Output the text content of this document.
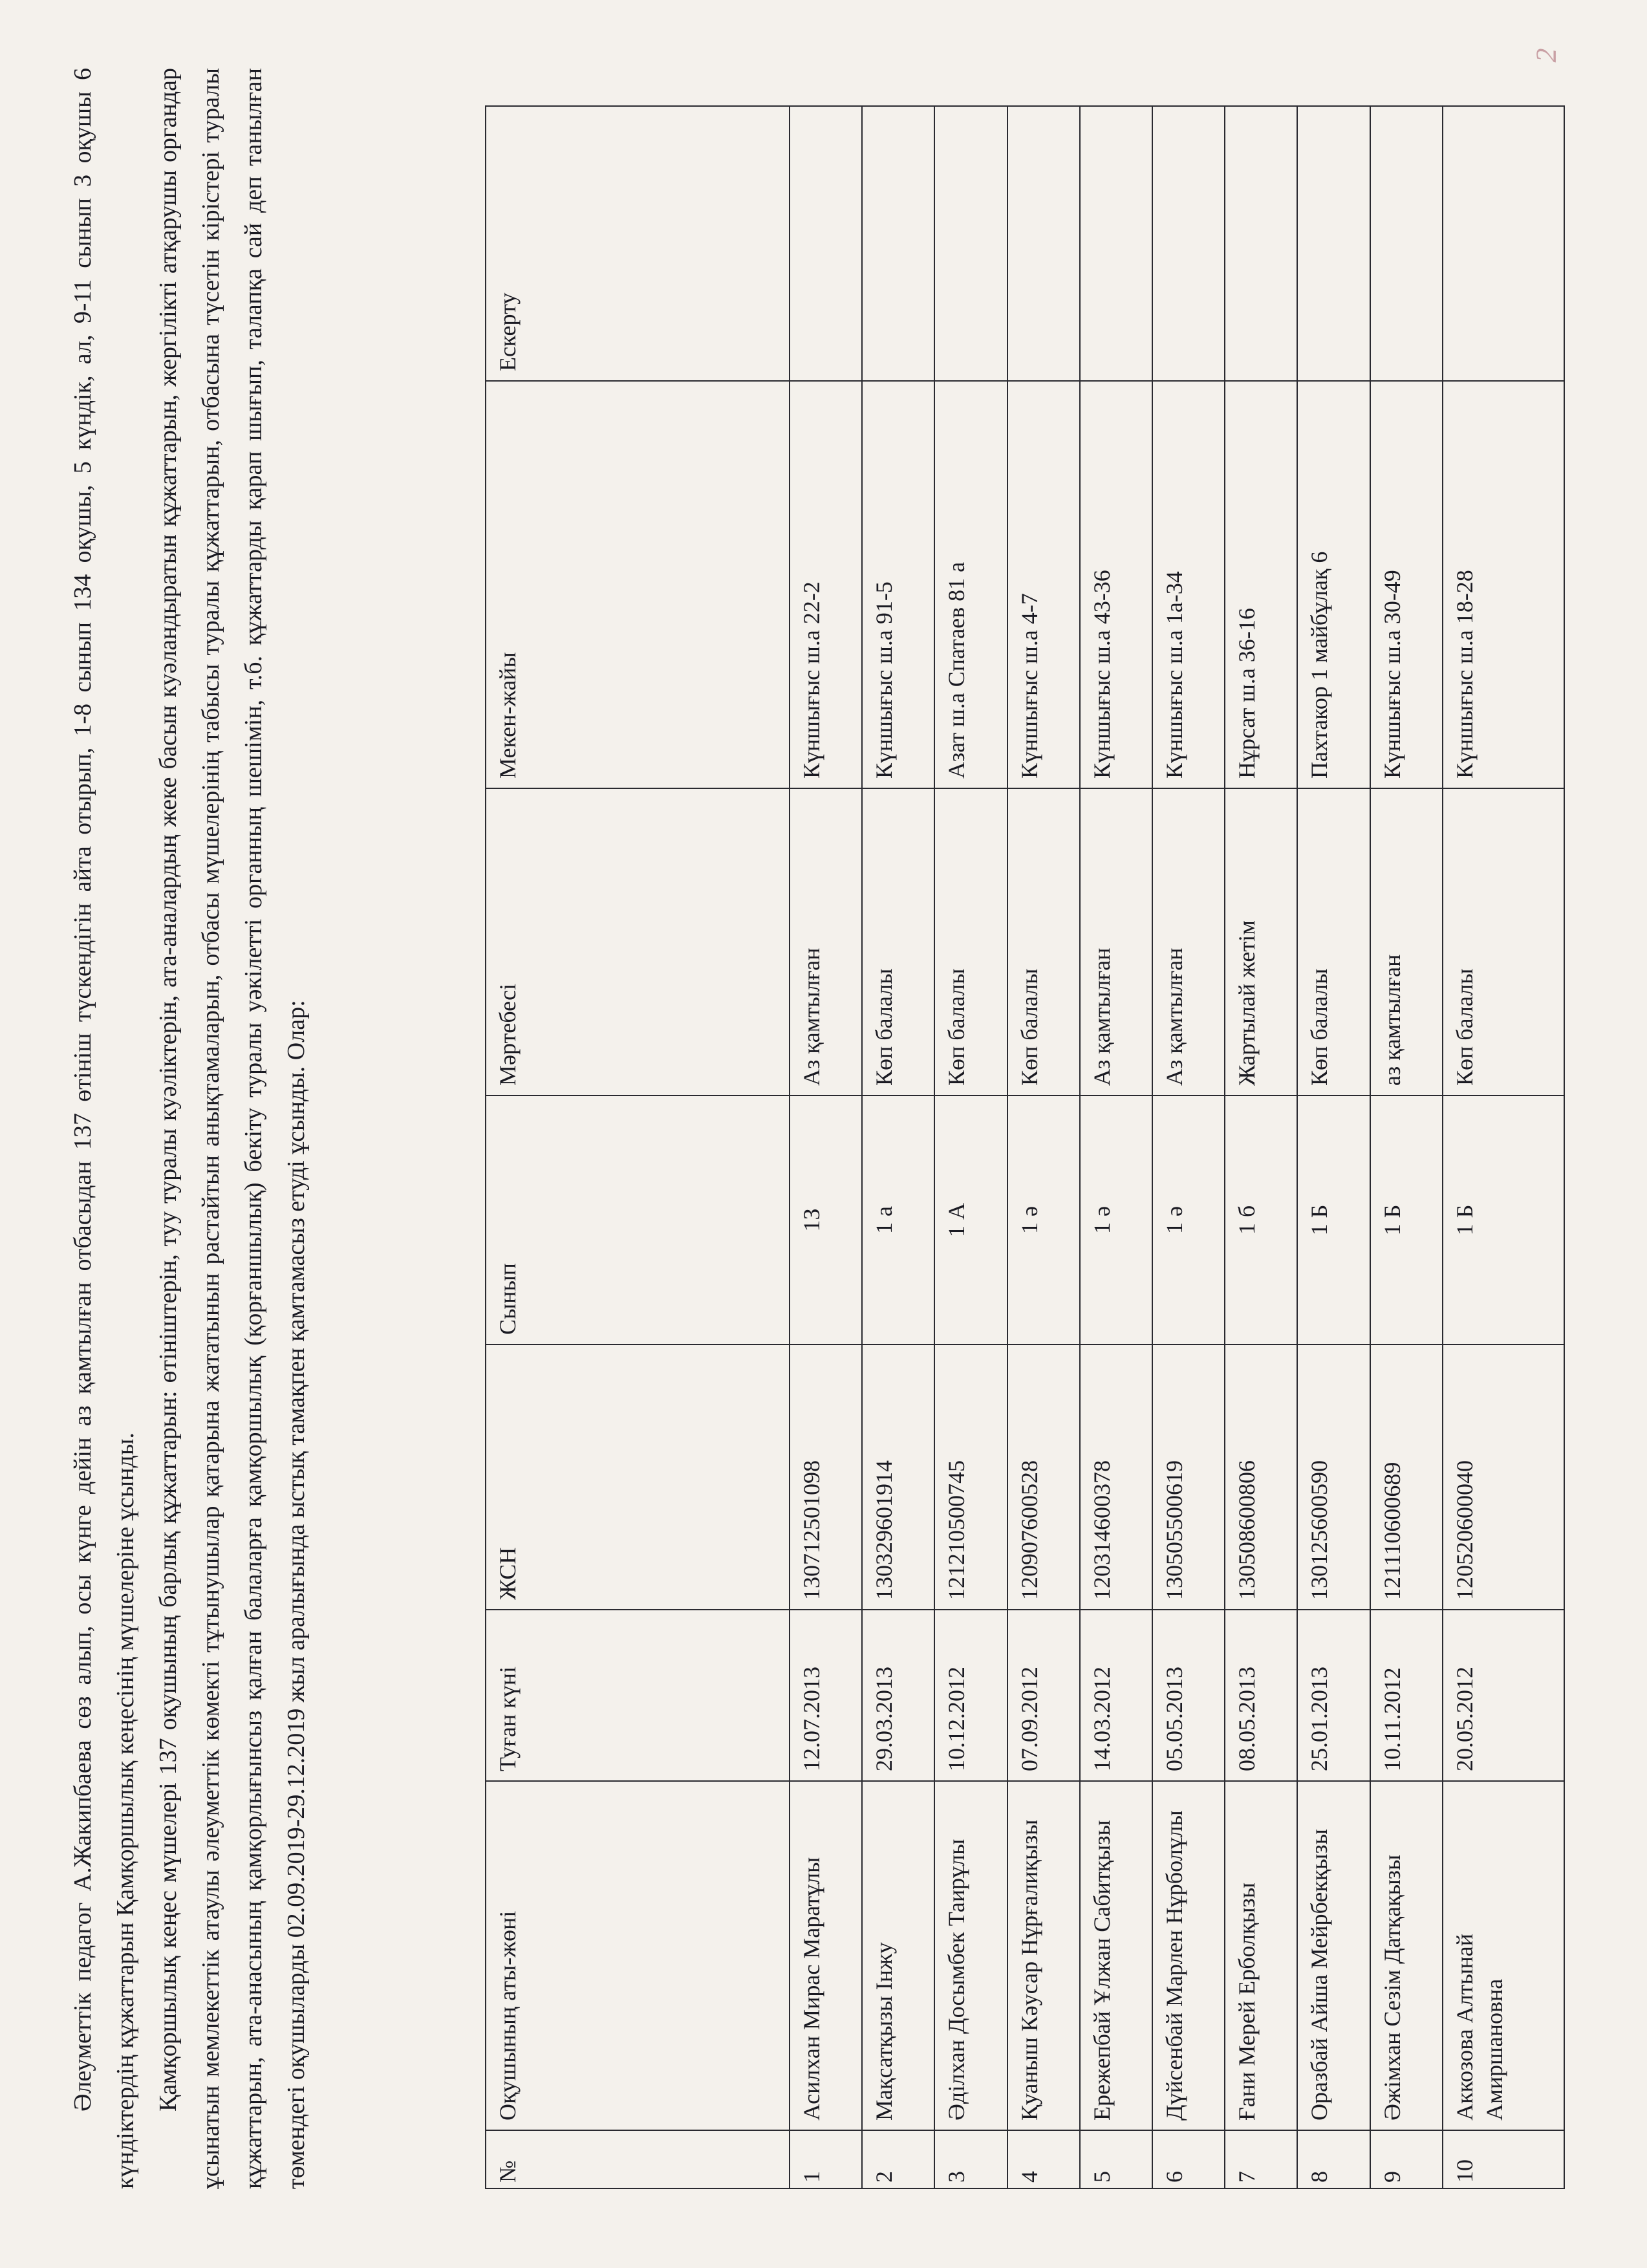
2

Әлеуметтік педагог А.Жакипбаева сөз алып, осы күнге дейін аз қамтылған отбасыдан 137 өтініш түскендігін айта отырып, 1-8 сынып 134 оқушы, 5 күндік, ал, 9-11 сынып 3 оқушы 6 күндіктердің құжаттарын Қамқоршылық кеңесінің мүшелеріне ұсынды. Қамқоршылық кеңес мүшелері 137 оқушының барлық құжаттарын: өтініштерін, туу туралы куәліктерін, ата-аналардың жеке басын куәландыратын құжаттарын, жергілікті атқарушы органдар ұсынатын мемлекеттік атаулы әлеуметтік көмекті тұтынушылар қатарына жататынын растайтын анықтамаларын, отбасы мүшелерінің табысы туралы құжаттарын, отбасына түсетін кірістері туралы құжаттарын, ата-анасының қамқорлығынсыз қалған балаларға қамқоршылық (қорғаншылық) бекіту туралы уәкілетті органның шешімін, т.б. құжаттарды қарап шығып, талапқа сай деп танылған төмендегі оқушыларды 02.09.2019-29.12.2019 жыл аралығында ыстық тамақпен қамтамасыз етуді ұсынды. Олар:	№	Оқушының аты-жөні	Туған күні	ЖСН	Сынып	Мәртебесі	Мекен-жайы	Ескерту
1	Асилхан Мирас Маратұлы	12.07.2013	130712501098	1З	Аз қамтылған	Күншығыс ш.а 22-2	
2	Мақсатқызы Інжу	29.03.2013	130329601914	1 а	Көп балалы	Күншығыс ш.а 91-5	
3	Әділхан Досымбек Таирұлы	10.12.2012	121210500745	1 А	Көп балалы	Азат ш.а Спатаев 81 а	
4	Қуаныш Кәусар Нұрғалиқызы	07.09.2012	120907600528	1 ә	Көп балалы	Күншығыс ш.а 4-7	
5	Ережепбай Ұлжан Сабитқызы	14.03.2012	120314600378	1 ә	Аз қамтылған	Күншығыс ш.а 43-36	
6	Дүйсенбай Марлен Нұрболұлы	05.05.2013	130505500619	1 ә	Аз қамтылған	Күншығыс ш.а 1а-34	
7	Ғани Мерей Ерболқызы	08.05.2013	130508600806	1 б	Жартылай жетім	Нұрсат ш.а 36-16	
8	Оразбай Айша Мейрбекқызы	25.01.2013	130125600590	1 Б	Көп балалы	Пахтакор 1 майбұлақ 6	
9	Әжімхан Сезім Датқақызы	10.11.2012	121110600689	1 Б	аз қамтылған	Күншығыс ш.а 30-49	
10	Аккозова Алтынай Амиршановна	20.05.2012	120520600040	1 Б	Көп балалы	Күншығыс ш.а 18-28	
